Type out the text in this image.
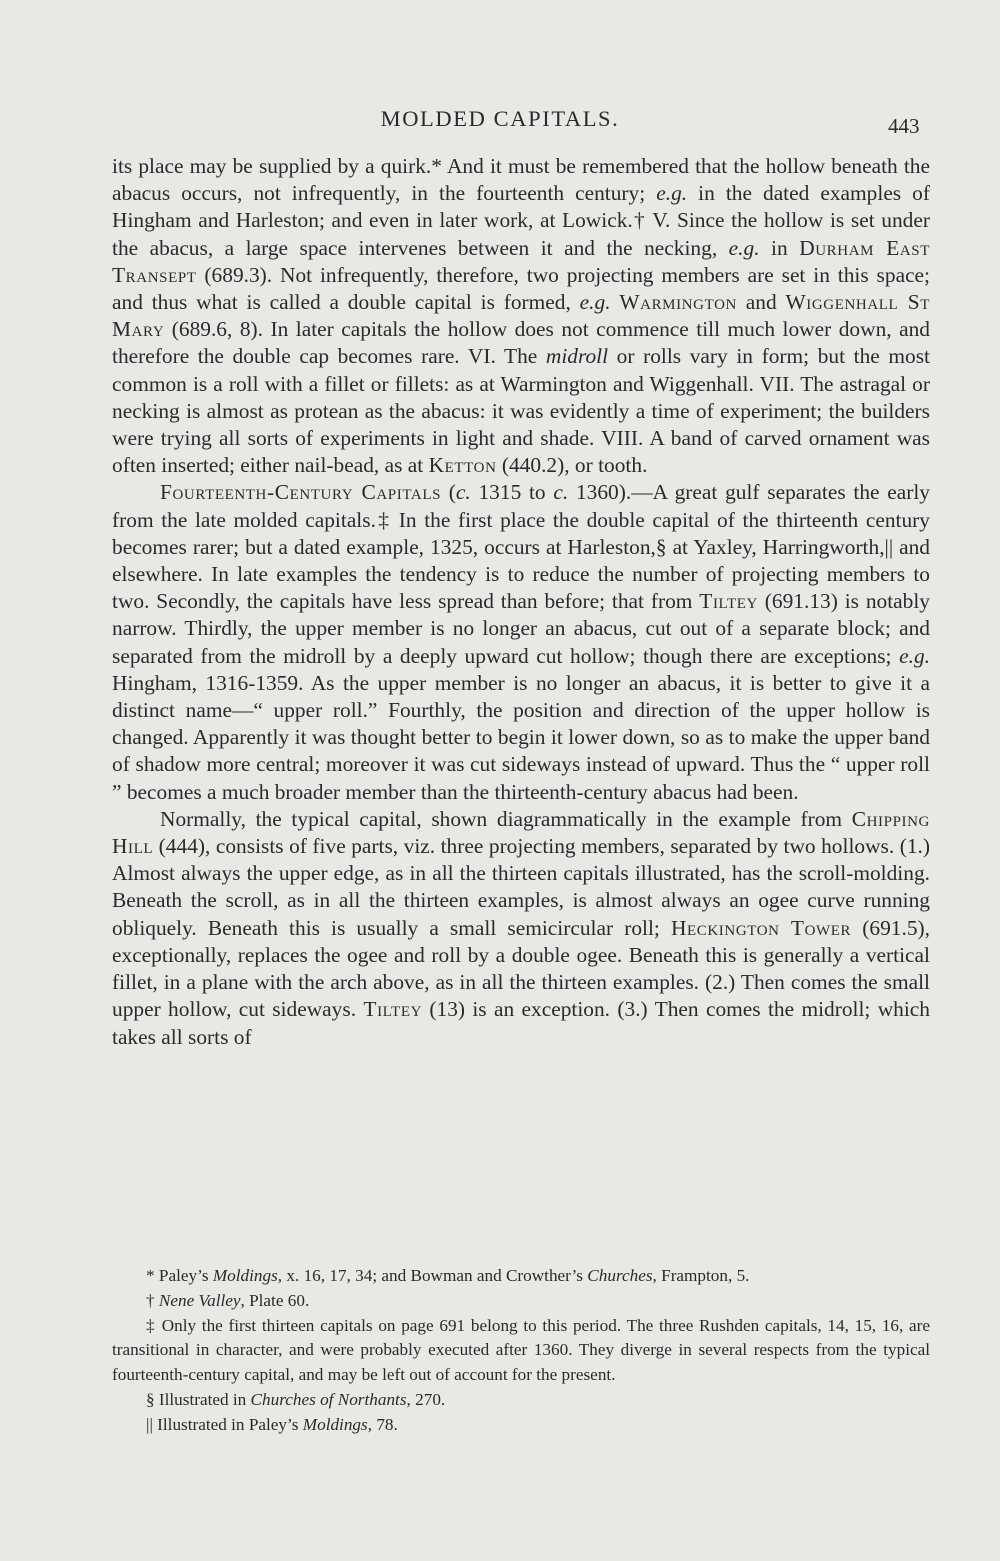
MOLDED CAPITALS.	443

its place may be supplied by a quirk.* And it must be remembered that the hollow beneath the abacus occurs, not infrequently, in the fourteenth century; e.g. in the dated examples of Hingham and Harleston; and even in later work, at Lowick.† V. Since the hollow is set under the abacus, a large space intervenes between it and the necking, e.g. in Durham East Transept (689.3). Not infrequently, therefore, two projecting members are set in this space; and thus what is called a double capital is formed, e.g. Warmington and Wiggenhall St Mary (689.6, 8). In later capitals the hollow does not commence till much lower down, and therefore the double cap becomes rare. VI. The midroll or rolls vary in form; but the most common is a roll with a fillet or fillets: as at Warmington and Wiggenhall. VII. The astragal or necking is almost as protean as the abacus: it was evidently a time of experiment; the builders were trying all sorts of experiments in light and shade. VIII. A band of carved ornament was often inserted; either nail-bead, as at Ketton (440.2), or tooth.

Fourteenth-Century Capitals (c. 1315 to c. 1360).—A great gulf separates the early from the late molded capitals.‡ In the first place the double capital of the thirteenth century becomes rarer; but a dated example, 1325, occurs at Harleston,§ at Yaxley, Harringworth,|| and elsewhere. In late examples the tendency is to reduce the number of projecting members to two. Secondly, the capitals have less spread than before; that from Tiltey (691.13) is notably narrow. Thirdly, the upper member is no longer an abacus, cut out of a separate block; and separated from the midroll by a deeply upward cut hollow; though there are exceptions; e.g. Hingham, 1316-1359. As the upper member is no longer an abacus, it is better to give it a distinct name—“ upper roll.” Fourthly, the position and direction of the upper hollow is changed. Apparently it was thought better to begin it lower down, so as to make the upper band of shadow more central; moreover it was cut sideways instead of upward. Thus the “ upper roll ” becomes a much broader member than the thirteenth-century abacus had been.

Normally, the typical capital, shown diagrammatically in the example from Chipping Hill (444), consists of five parts, viz. three projecting members, separated by two hollows. (1.) Almost always the upper edge, as in all the thirteen capitals illustrated, has the scroll-molding. Beneath the scroll, as in all the thirteen examples, is almost always an ogee curve running obliquely. Beneath this is usually a small semicircular roll; Heckington Tower (691.5), exceptionally, replaces the ogee and roll by a double ogee. Beneath this is generally a vertical fillet, in a plane with the arch above, as in all the thirteen examples. (2.) Then comes the small upper hollow, cut sideways. Tiltey (13) is an exception. (3.) Then comes the midroll; which takes all sorts of

* Paley’s Moldings, x. 16, 17, 34; and Bowman and Crowther’s Churches, Frampton, 5.

† Nene Valley, Plate 60.

‡ Only the first thirteen capitals on page 691 belong to this period. The three Rushden capitals, 14, 15, 16, are transitional in character, and were probably executed after 1360. They diverge in several respects from the typical fourteenth-century capital, and may be left out of account for the present.

§ Illustrated in Churches of Northants, 270.

|| Illustrated in Paley’s Moldings, 78.
